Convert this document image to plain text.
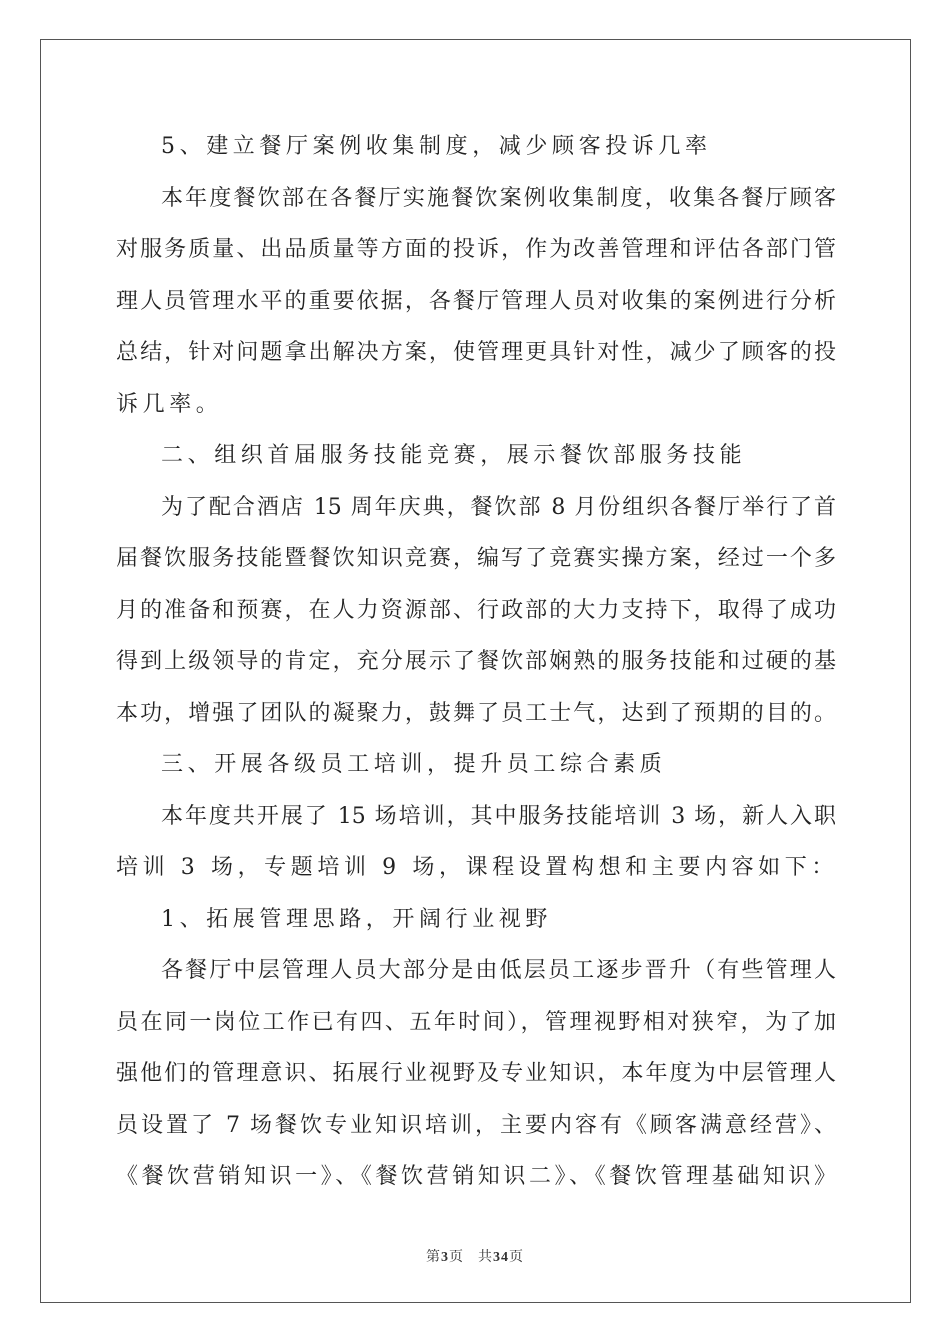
5、建立餐厅案例收集制度，减少顾客投诉几率
本年度餐饮部在各餐厅实施餐饮案例收集制度，收集各餐厅顾客
对服务质量、出品质量等方面的投诉，作为改善管理和评估各部门管
理人员管理水平的重要依据，各餐厅管理人员对收集的案例进行分析
总结，针对问题拿出解决方案，使管理更具针对性，减少了顾客的投
诉几率。
二、组织首届服务技能竞赛，展示餐饮部服务技能
为了配合酒店 15 周年庆典，餐饮部 8 月份组织各餐厅举行了首
届餐饮服务技能暨餐饮知识竞赛，编写了竞赛实操方案，经过一个多
月的准备和预赛，在人力资源部、行政部的大力支持下，取得了成功
得到上级领导的肯定，充分展示了餐饮部娴熟的服务技能和过硬的基
本功，增强了团队的凝聚力，鼓舞了员工士气，达到了预期的目的。
三、开展各级员工培训，提升员工综合素质
本年度共开展了 15 场培训，其中服务技能培训 3 场，新人入职
培训 3 场，专题培训 9 场，课程设置构想和主要内容如下：
1、拓展管理思路，开阔行业视野
各餐厅中层管理人员大部分是由低层员工逐步晋升（有些管理人
员在同一岗位工作已有四、五年时间），管理视野相对狭窄，为了加
强他们的管理意识、拓展行业视野及专业知识，本年度为中层管理人
员设置了 7 场餐饮专业知识培训，主要内容有《顾客满意经营》、
《餐饮营销知识一》、《餐饮营销知识二》、《餐饮管理基础知识》
第3页 共34页
